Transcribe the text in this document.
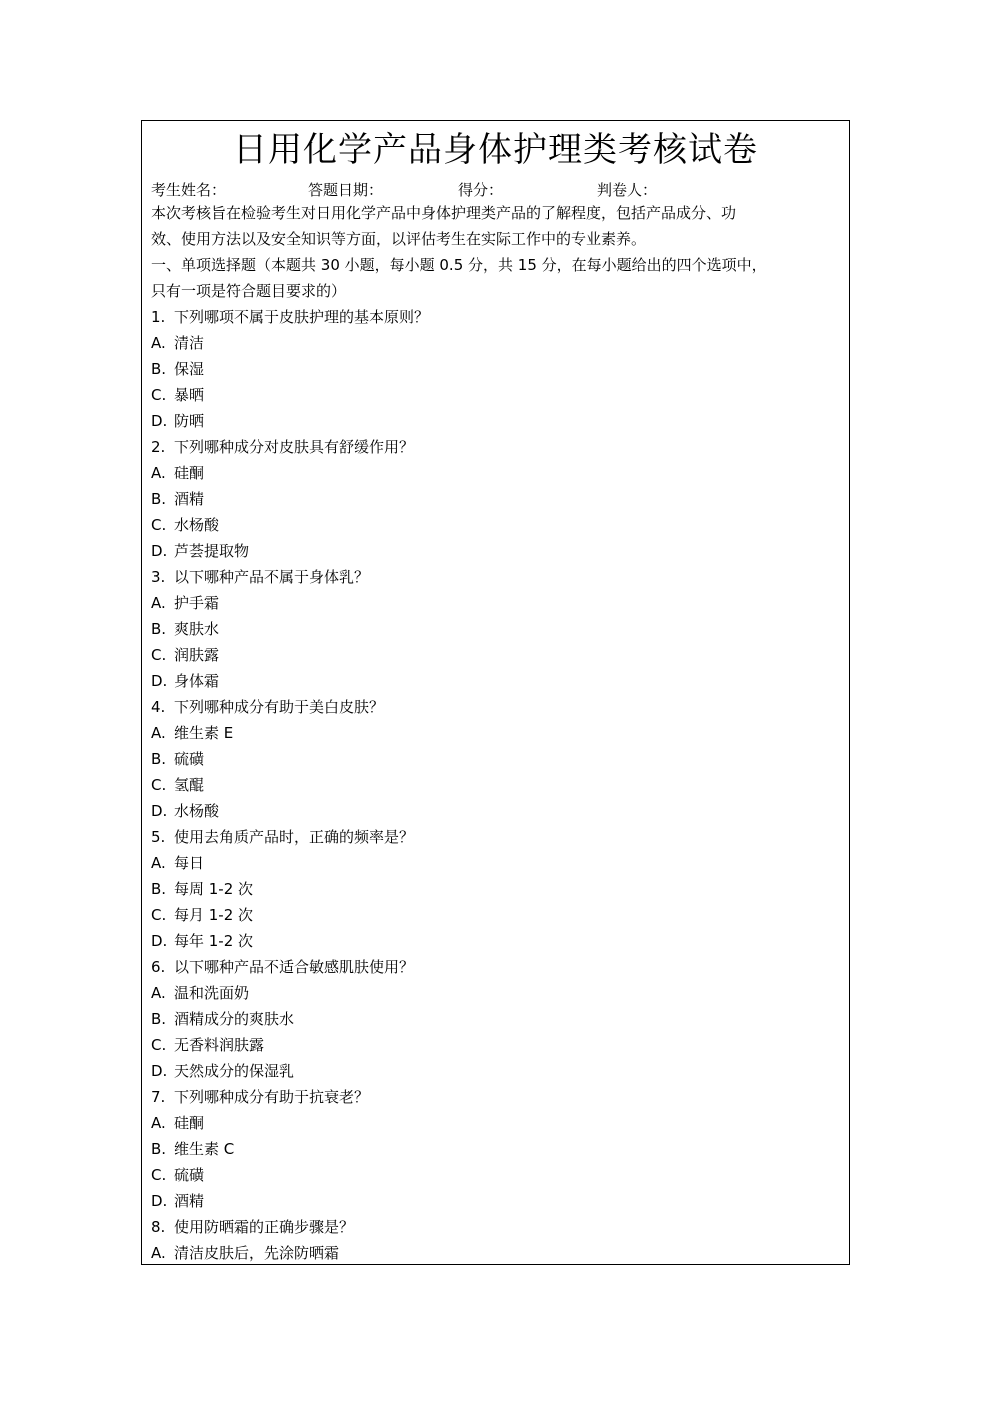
日用化学产品身体护理类考核试卷
考生姓名：	答题日期：	得分：	判卷人：
本次考核旨在检验考生对日用化学产品中身体护理类产品的了解程度，包括产品成分、功
效、使用方法以及安全知识等方面，以评估考生在实际工作中的专业素养。
一、单项选择题（本题共 30 小题，每小题 0.5 分，共 15 分，在每小题给出的四个选项中，
只有一项是符合题目要求的）
1. 下列哪项不属于皮肤护理的基本原则？
A. 清洁
B. 保湿
C. 暴晒
D. 防晒
2. 下列哪种成分对皮肤具有舒缓作用？
A. 硅酮
B. 酒精
C. 水杨酸
D. 芦荟提取物
3. 以下哪种产品不属于身体乳？
A. 护手霜
B. 爽肤水
C. 润肤露
D. 身体霜
4. 下列哪种成分有助于美白皮肤？
A. 维生素 E
B. 硫磺
C. 氢醌
D. 水杨酸
5. 使用去角质产品时，正确的频率是？
A. 每日
B. 每周 1-2 次
C. 每月 1-2 次
D. 每年 1-2 次
6. 以下哪种产品不适合敏感肌肤使用？
A. 温和洗面奶
B. 酒精成分的爽肤水
C. 无香料润肤露
D. 天然成分的保湿乳
7. 下列哪种成分有助于抗衰老？
A. 硅酮
B. 维生素 C
C. 硫磺
D. 酒精
8. 使用防晒霜的正确步骤是？
A. 清洁皮肤后，先涂防晒霜
